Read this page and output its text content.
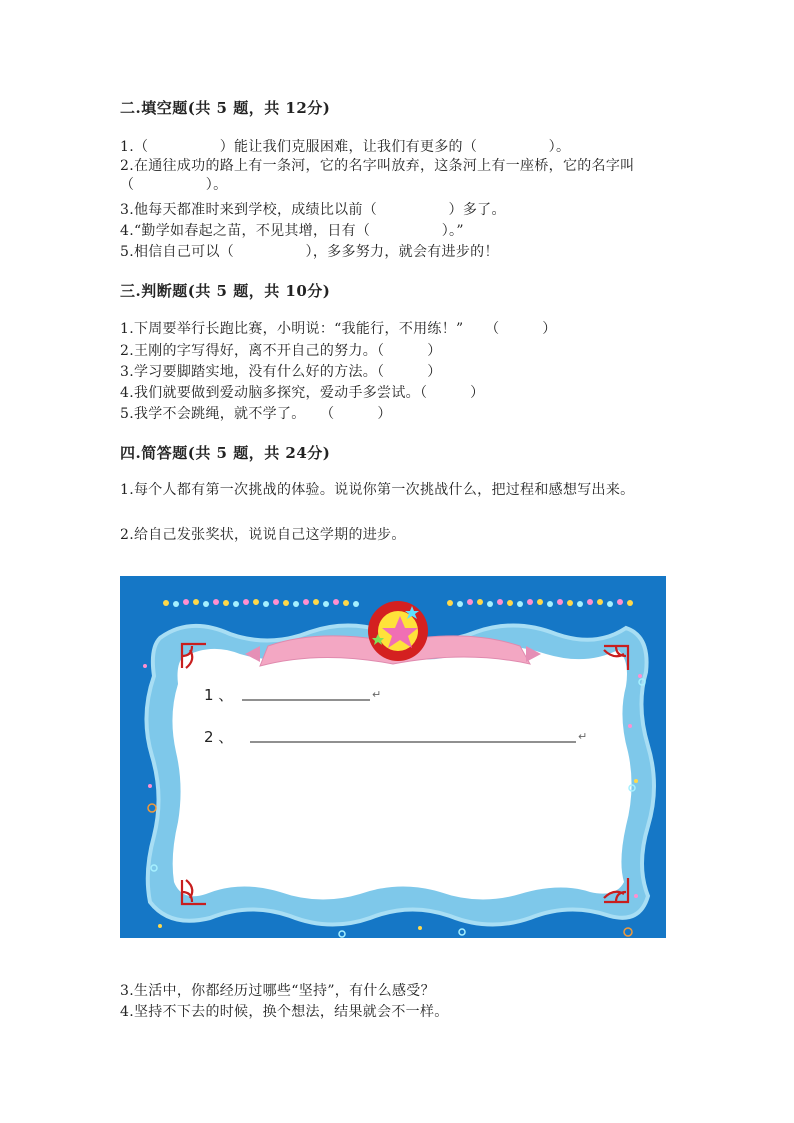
二.填空题(共 5 题，共 12分)
1.（　　　　　）能让我们克服困难，让我们有更多的（　　　　　）。
2.在通往成功的路上有一条河，它的名字叫放弃，这条河上有一座桥，它的名字叫（　　　　　）。
3.他每天都准时来到学校，成绩比以前（　　　　　）多了。
4.“勤学如春起之苗，不见其增，日有（　　　　　）。”
5.相信自己可以（　　　　　），多多努力，就会有进步的！
三.判断题(共 5 题，共 10分)
1.下周要举行长跑比赛，小明说：“我能行，不用练！”　　（　　　）
2.王刚的字写得好，离不开自己的努力。（　　　）
3.学习要脚踏实地，没有什么好的方法。（　　　）
4.我们就要做到爱动脑多探究，爱动手多尝试。（　　　）
5.我学不会跳绳，就不学了。　　（　　　）
四.简答题(共 5 题，共 24分)
1.每个人都有第一次挑战的体验。说说你第一次挑战什么，把过程和感想写出来。
2.给自己发张奖状，说说自己这学期的进步。
1 、
2 、
↵
↵
3.生活中，你都经历过哪些“坚持”，有什么感受？
4.坚持不下去的时候，换个想法，结果就会不一样。
